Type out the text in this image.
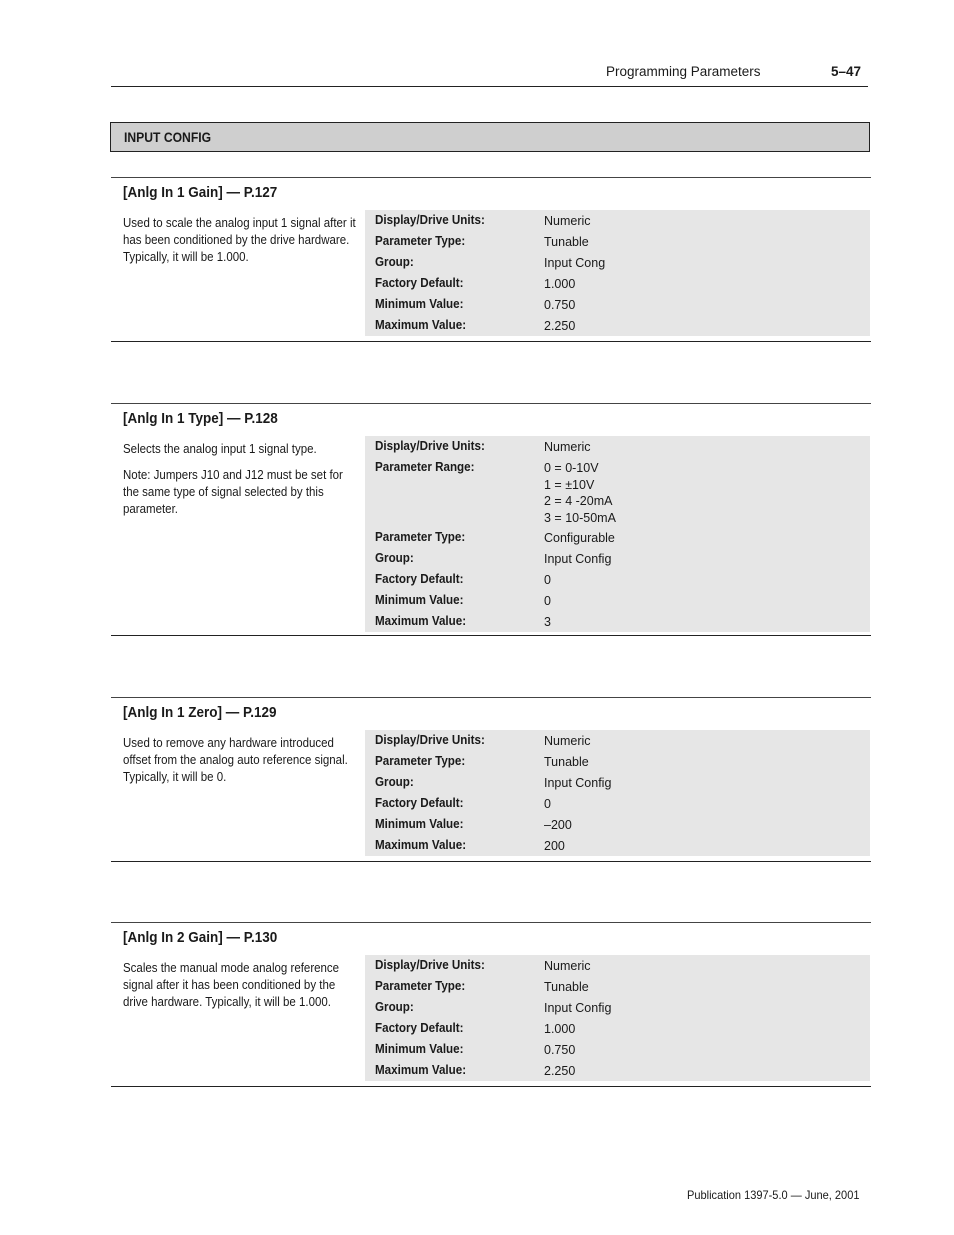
Programming Parameters	5–47
INPUT CONFIG
[Anlg In 1 Gain] — P.127

Used to scale the analog input 1 signal after it has been conditioned by the drive hardware. Typically, it will be 1.000.

Display/Drive Units:	Numeric
Parameter Type:	Tunable
Group:	Input Cong
Factory Default:	1.000
Minimum Value:	0.750
Maximum Value:	2.250
[Anlg In 1 Type] — P.128

Selects the analog input 1 signal type.

Note: Jumpers J10 and J12 must be set for the same type of signal selected by this parameter.

Display/Drive Units:	Numeric
Parameter Range:	0 = 0-10V
1 = ±10V
2 = 4 -20mA
3 = 10-50mA
Parameter Type:	Configurable
Group:	Input Config
Factory Default:	0
Minimum Value:	0
Maximum Value:	3
[Anlg In 1 Zero] — P.129

Used to remove any hardware introduced offset from the analog auto reference signal. Typically, it will be 0.

Display/Drive Units:	Numeric
Parameter Type:	Tunable
Group:	Input Config
Factory Default:	0
Minimum Value:	–200
Maximum Value:	200
[Anlg In 2 Gain] — P.130

Scales the manual mode analog reference signal after it has been conditioned by the drive hardware. Typically, it will be 1.000.

Display/Drive Units:	Numeric
Parameter Type:	Tunable
Group:	Input Config
Factory Default:	1.000
Minimum Value:	0.750
Maximum Value:	2.250
Publication 1397-5.0 — June, 2001
